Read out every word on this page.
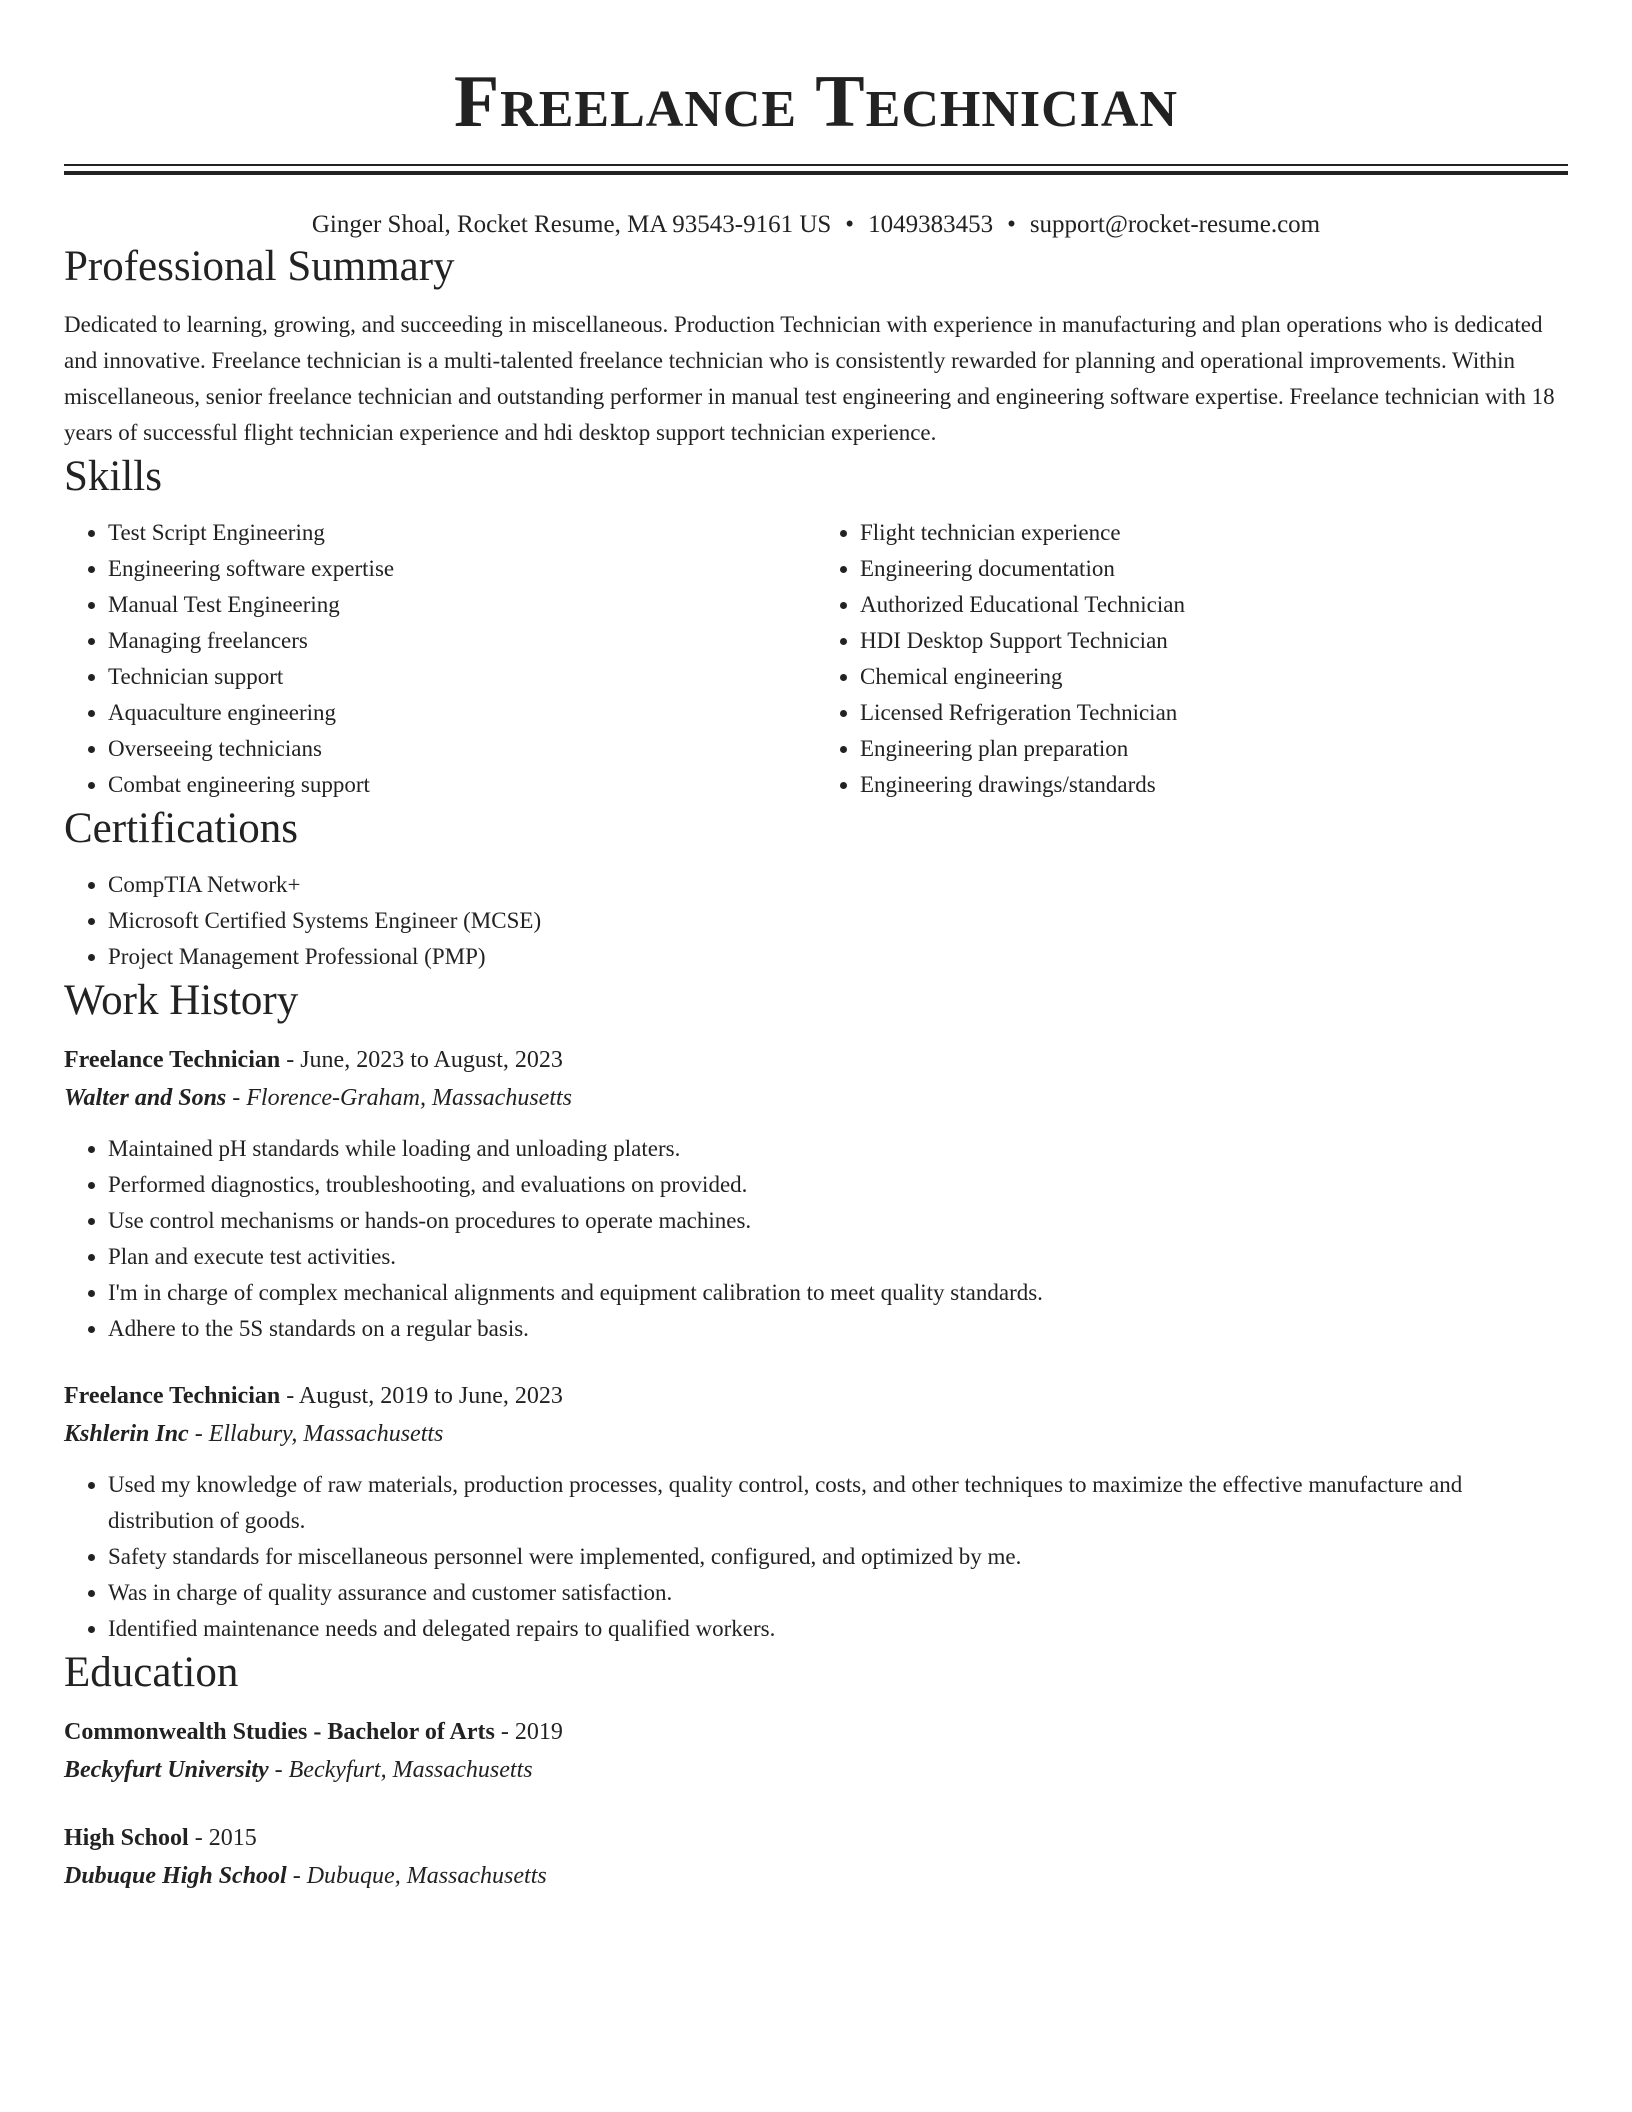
Freelance Technician
Ginger Shoal, Rocket Resume, MA 93543-9161 US • 1049383453 • support@rocket-resume.com
Professional Summary

Dedicated to learning, growing, and succeeding in miscellaneous. Production Technician with experience in manufacturing and plan operations who is dedicated and innovative. Freelance technician is a multi-talented freelance technician who is consistently rewarded for planning and operational improvements. Within miscellaneous, senior freelance technician and outstanding performer in manual test engineering and engineering software expertise. Freelance technician with 18 years of successful flight technician experience and hdi desktop support technician experience.

Skills
• Test Script Engineering
• Engineering software expertise
• Manual Test Engineering
• Managing freelancers
• Technician support
• Aquaculture engineering
• Overseeing technicians
• Combat engineering support
• Flight technician experience
• Engineering documentation
• Authorized Educational Technician
• HDI Desktop Support Technician
• Chemical engineering
• Licensed Refrigeration Technician
• Engineering plan preparation
• Engineering drawings/standards
Certifications
• CompTIA Network+
• Microsoft Certified Systems Engineer (MCSE)
• Project Management Professional (PMP)
Work History
Freelance Technician - June, 2023 to August, 2023
Walter and Sons - Florence-Graham, Massachusetts
• Maintained pH standards while loading and unloading platers.
• Performed diagnostics, troubleshooting, and evaluations on provided.
• Use control mechanisms or hands-on procedures to operate machines.
• Plan and execute test activities.
• I'm in charge of complex mechanical alignments and equipment calibration to meet quality standards.
• Adhere to the 5S standards on a regular basis.
Freelance Technician - August, 2019 to June, 2023
Kshlerin Inc - Ellabury, Massachusetts
• Used my knowledge of raw materials, production processes, quality control, costs, and other techniques to maximize the effective manufacture and distribution of goods.
• Safety standards for miscellaneous personnel were implemented, configured, and optimized by me.
• Was in charge of quality assurance and customer satisfaction.
• Identified maintenance needs and delegated repairs to qualified workers.
Education
Commonwealth Studies - Bachelor of Arts - 2019
Beckyfurt University - Beckyfurt, Massachusetts
High School - 2015
Dubuque High School - Dubuque, Massachusetts
